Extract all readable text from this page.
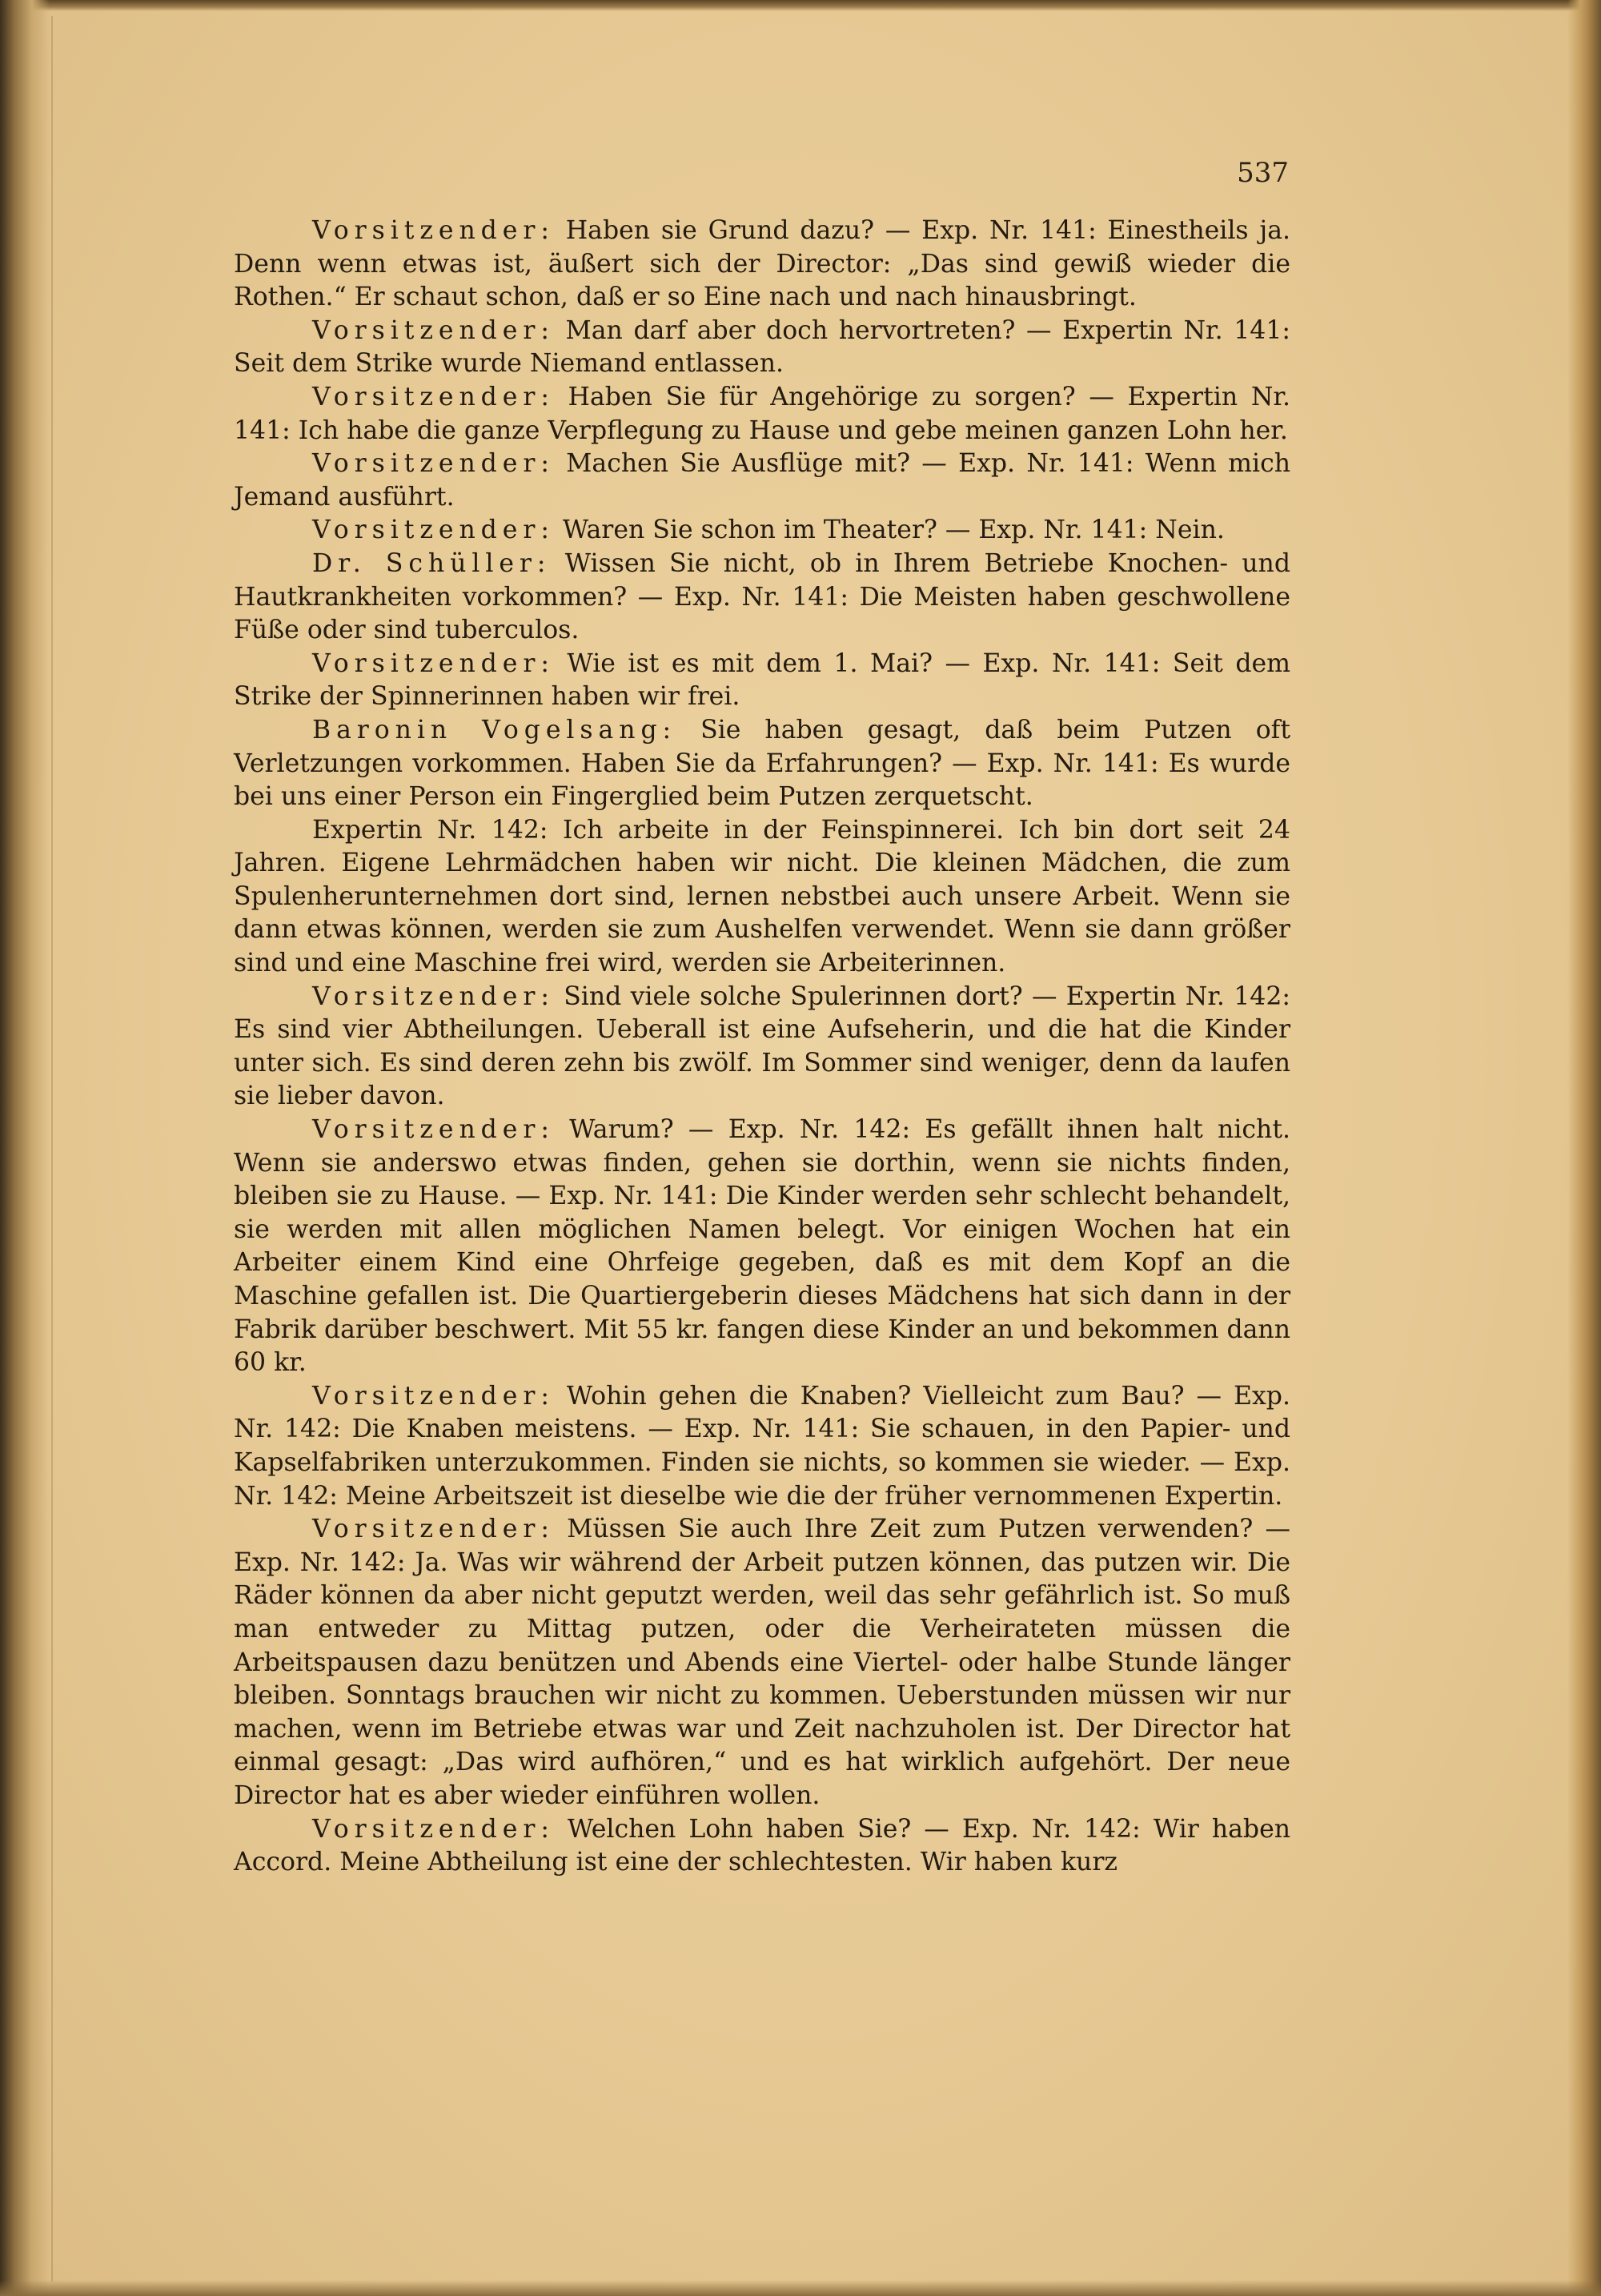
537

Vorsitzender: Haben sie Grund dazu? — Exp. Nr. 141: Einestheils ja. Denn wenn etwas ist, äußert sich der Director: „Das sind gewiß wieder die Rothen.“ Er schaut schon, daß er so Eine nach und nach hinausbringt.

Vorsitzender: Man darf aber doch hervortreten? — Expertin Nr. 141: Seit dem Strike wurde Niemand entlassen.

Vorsitzender: Haben Sie für Angehörige zu sorgen? — Expertin Nr. 141: Ich habe die ganze Verpflegung zu Hause und gebe meinen ganzen Lohn her.

Vorsitzender: Machen Sie Ausflüge mit? — Exp. Nr. 141: Wenn mich Jemand ausführt.

Vorsitzender: Waren Sie schon im Theater? — Exp. Nr. 141: Nein.

Dr. Schüller: Wissen Sie nicht, ob in Ihrem Betriebe Knochen- und Hautkrankheiten vorkommen? — Exp. Nr. 141: Die Meisten haben geschwollene Füße oder sind tuberculos.

Vorsitzender: Wie ist es mit dem 1. Mai? — Exp. Nr. 141: Seit dem Strike der Spinnerinnen haben wir frei.

Baronin Vogelsang: Sie haben gesagt, daß beim Putzen oft Verletzungen vorkommen. Haben Sie da Erfahrungen? — Exp. Nr. 141: Es wurde bei uns einer Person ein Fingerglied beim Putzen zerquetscht.

Expertin Nr. 142: Ich arbeite in der Feinspinnerei. Ich bin dort seit 24 Jahren. Eigene Lehrmädchen haben wir nicht. Die kleinen Mädchen, die zum Spulenherunternehmen dort sind, lernen nebstbei auch unsere Arbeit. Wenn sie dann etwas können, werden sie zum Aushelfen verwendet. Wenn sie dann größer sind und eine Maschine frei wird, werden sie Arbeiterinnen.

Vorsitzender: Sind viele solche Spulerinnen dort? — Expertin Nr. 142: Es sind vier Abtheilungen. Ueberall ist eine Aufseherin, und die hat die Kinder unter sich. Es sind deren zehn bis zwölf. Im Sommer sind weniger, denn da laufen sie lieber davon.

Vorsitzender: Warum? — Exp. Nr. 142: Es gefällt ihnen halt nicht. Wenn sie anderswo etwas finden, gehen sie dorthin, wenn sie nichts finden, bleiben sie zu Hause. — Exp. Nr. 141: Die Kinder werden sehr schlecht behandelt, sie werden mit allen möglichen Namen belegt. Vor einigen Wochen hat ein Arbeiter einem Kind eine Ohrfeige gegeben, daß es mit dem Kopf an die Maschine gefallen ist. Die Quartiergeberin dieses Mädchens hat sich dann in der Fabrik darüber beschwert. Mit 55 kr. fangen diese Kinder an und bekommen dann 60 kr.

Vorsitzender: Wohin gehen die Knaben? Vielleicht zum Bau? — Exp. Nr. 142: Die Knaben meistens. — Exp. Nr. 141: Sie schauen, in den Papier- und Kapselfabriken unterzukommen. Finden sie nichts, so kommen sie wieder. — Exp. Nr. 142: Meine Arbeitszeit ist dieselbe wie die der früher vernommenen Expertin.

Vorsitzender: Müssen Sie auch Ihre Zeit zum Putzen verwenden? — Exp. Nr. 142: Ja. Was wir während der Arbeit putzen können, das putzen wir. Die Räder können da aber nicht geputzt werden, weil das sehr gefährlich ist. So muß man entweder zu Mittag putzen, oder die Verheirateten müssen die Arbeitspausen dazu benützen und Abends eine Viertel- oder halbe Stunde länger bleiben. Sonntags brauchen wir nicht zu kommen. Ueberstunden müssen wir nur machen, wenn im Betriebe etwas war und Zeit nachzuholen ist. Der Director hat einmal gesagt: „Das wird aufhören,“ und es hat wirklich aufgehört. Der neue Director hat es aber wieder einführen wollen.

Vorsitzender: Welchen Lohn haben Sie? — Exp. Nr. 142: Wir haben Accord. Meine Abtheilung ist eine der schlechtesten. Wir haben kurz
